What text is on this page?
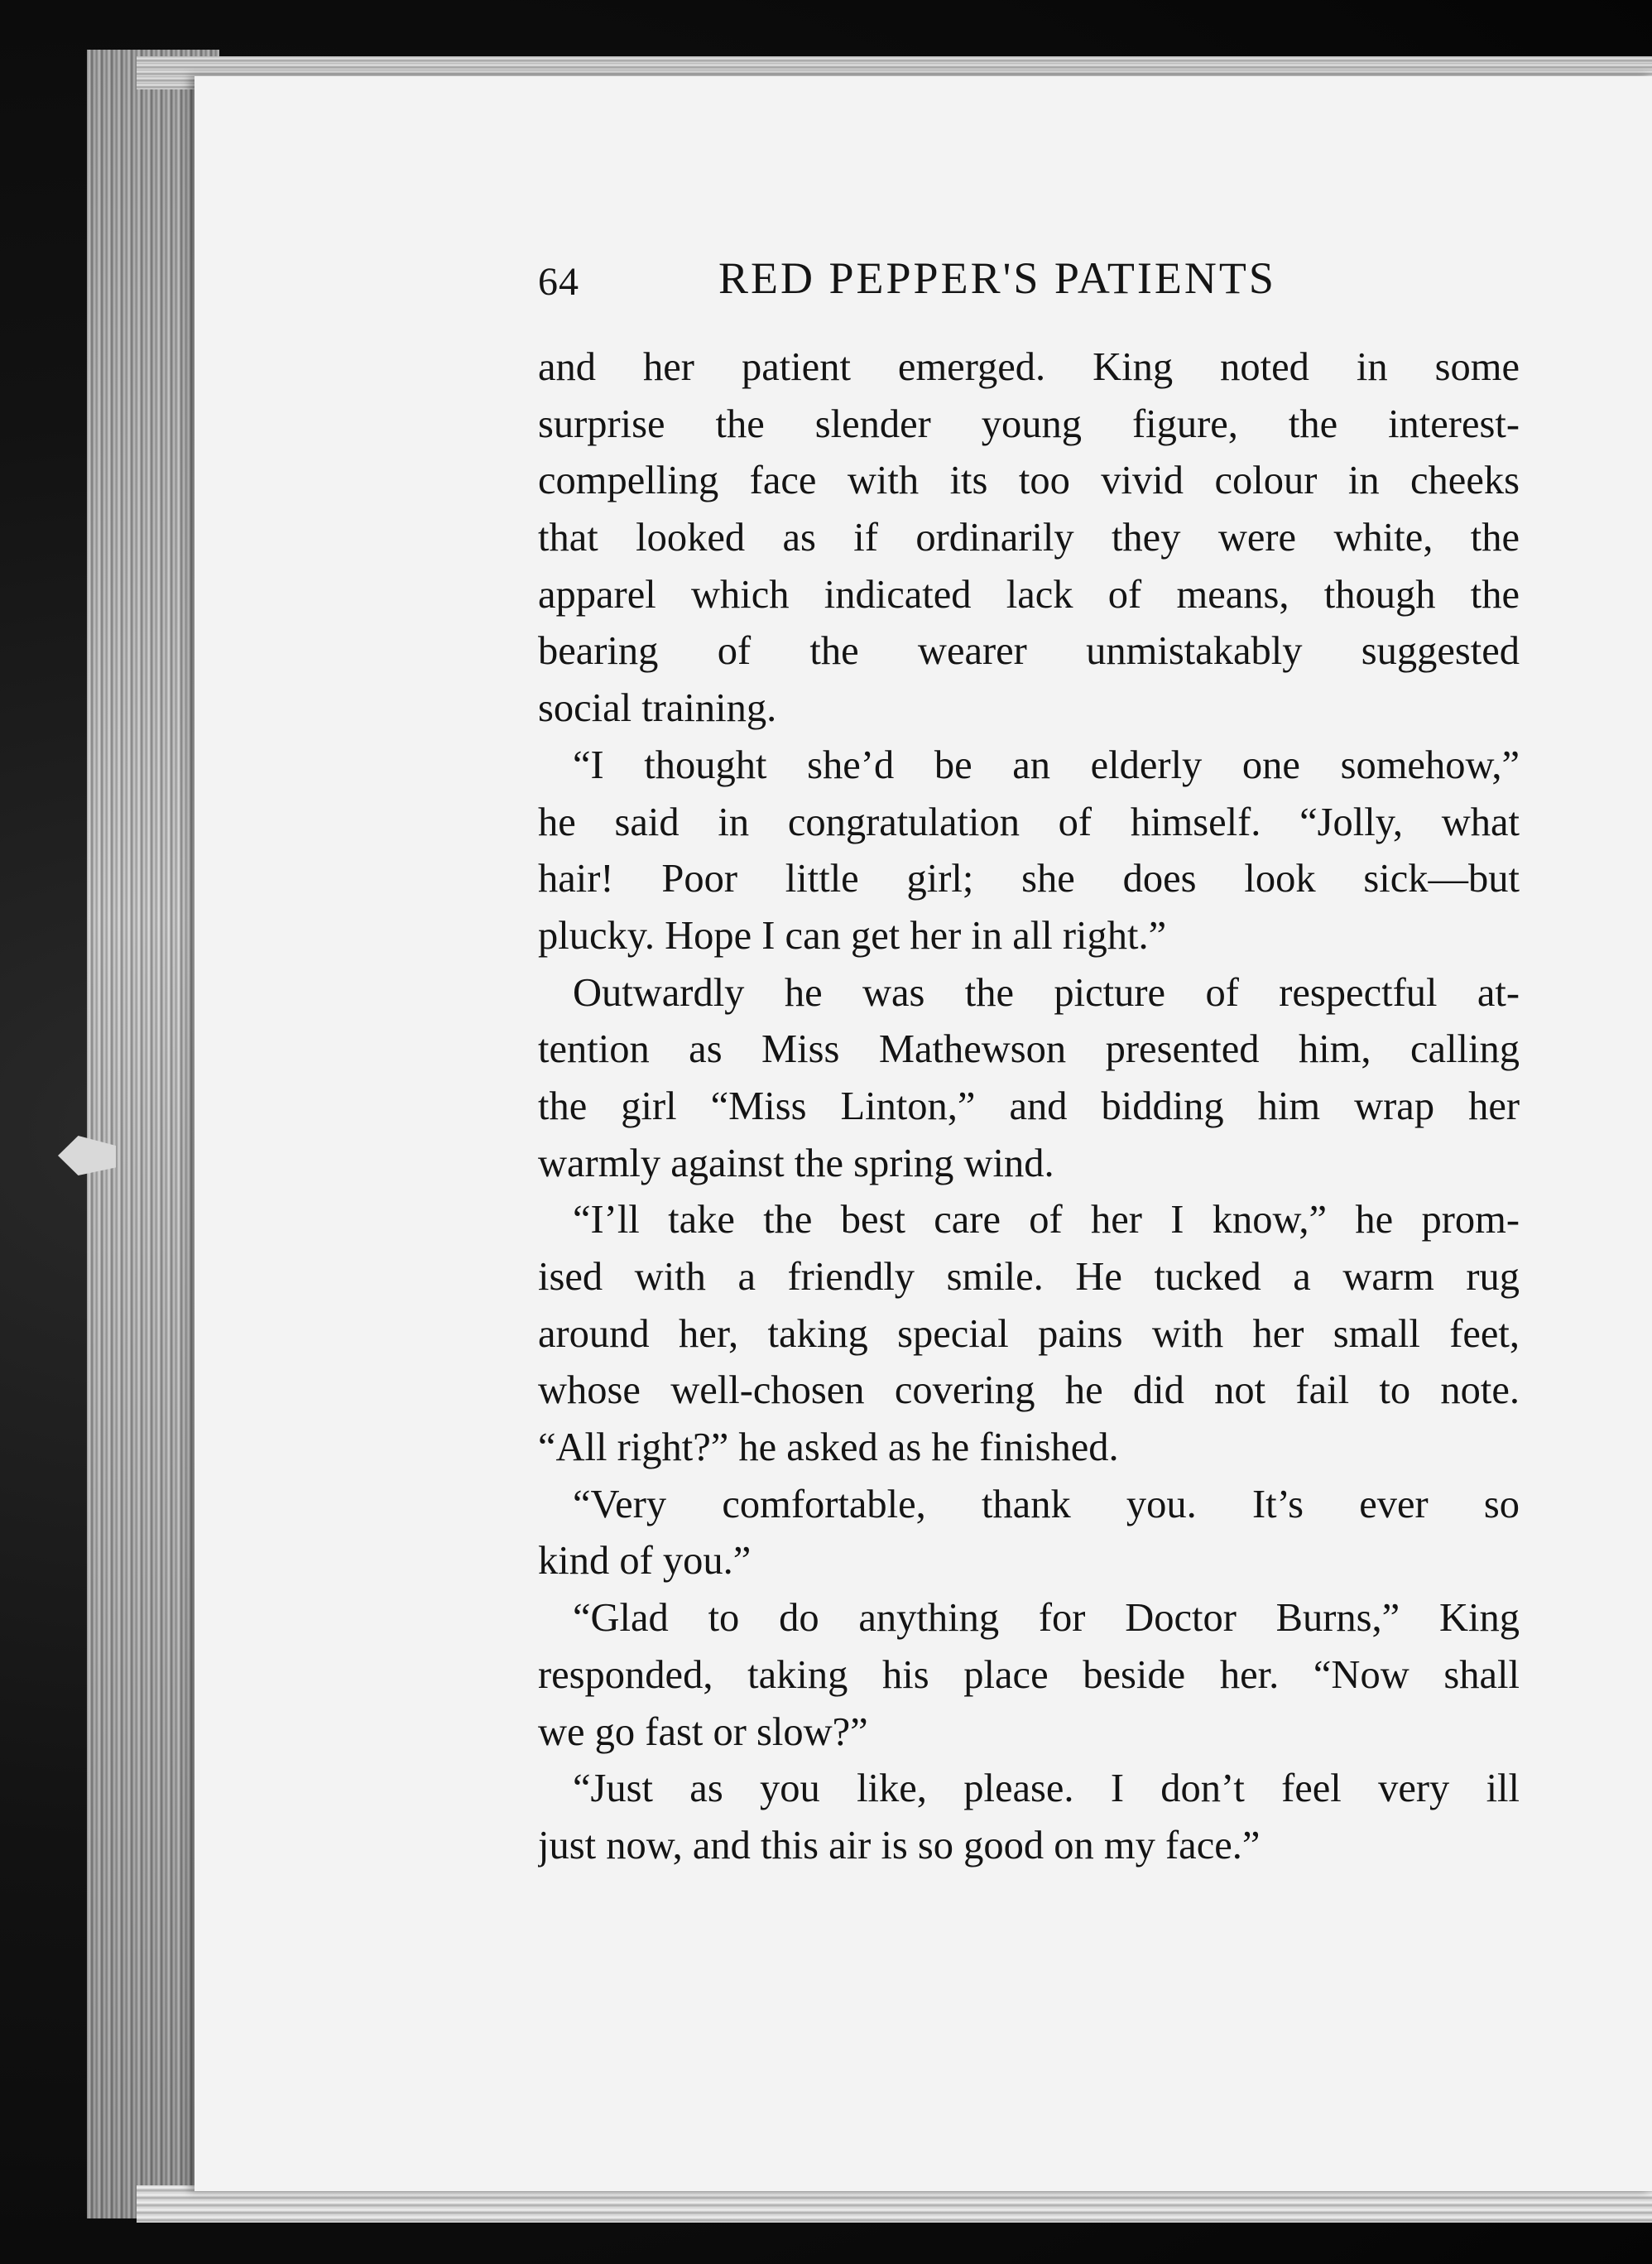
64	RED PEPPER'S PATIENTS
and her patient emerged. King noted in some
surprise the slender young figure, the interest-
compelling face with its too vivid colour in cheeks
that looked as if ordinarily they were white, the
apparel which indicated lack of means, though the
bearing of the wearer unmistakably suggested
social training.
“I thought she’d be an elderly one somehow,”
he said in congratulation of himself. “Jolly, what
hair! Poor little girl; she does look sick—but
plucky. Hope I can get her in all right.”
Outwardly he was the picture of respectful at-
tention as Miss Mathewson presented him, calling
the girl “Miss Linton,” and bidding him wrap her
warmly against the spring wind.
“I’ll take the best care of her I know,” he prom-
ised with a friendly smile. He tucked a warm rug
around her, taking special pains with her small feet,
whose well-chosen covering he did not fail to note.
“All right?” he asked as he finished.
“Very comfortable, thank you. It’s ever so
kind of you.”
“Glad to do anything for Doctor Burns,” King
responded, taking his place beside her. “Now shall
we go fast or slow?”
“Just as you like, please. I don’t feel very ill
just now, and this air is so good on my face.”
